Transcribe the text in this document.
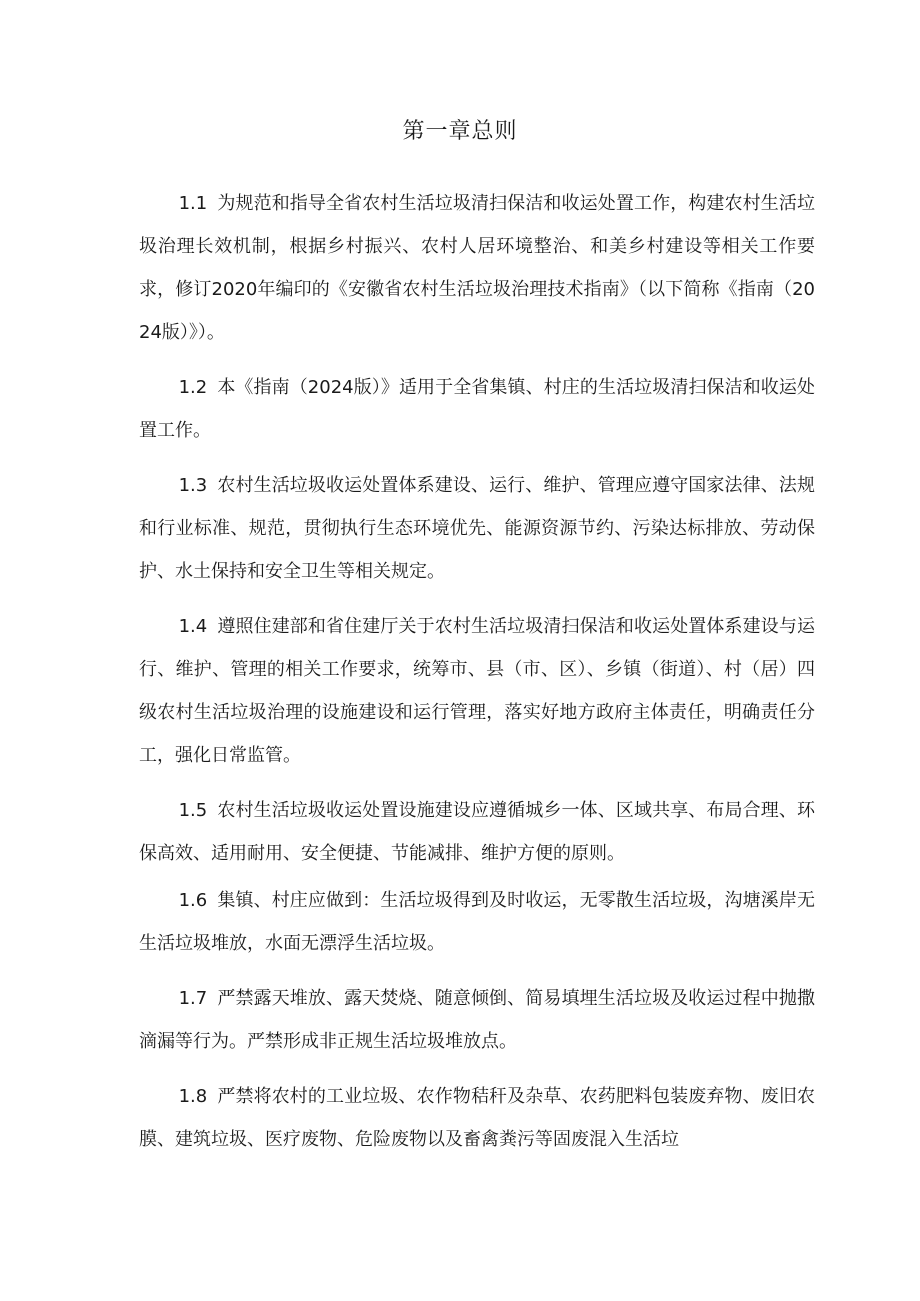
第一章总则

1.1 为规范和指导全省农村生活垃圾清扫保洁和收运处置工作，构建农村生活垃圾治理长效机制，根据乡村振兴、农村人居环境整治、和美乡村建设等相关工作要求，修订2020年编印的《安徽省农村生活垃圾治理技术指南》（以下简称《指南（2024版）》）。

1.2 本《指南（2024版）》适用于全省集镇、村庄的生活垃圾清扫保洁和收运处置工作。

1.3 农村生活垃圾收运处置体系建设、运行、维护、管理应遵守国家法律、法规和行业标准、规范，贯彻执行生态环境优先、能源资源节约、污染达标排放、劳动保护、水土保持和安全卫生等相关规定。

1.4 遵照住建部和省住建厅关于农村生活垃圾清扫保洁和收运处置体系建设与运行、维护、管理的相关工作要求，统筹市、县（市、区）、乡镇（街道）、村（居）四级农村生活垃圾治理的设施建设和运行管理，落实好地方政府主体责任，明确责任分工，强化日常监管。

1.5 农村生活垃圾收运处置设施建设应遵循城乡一体、区域共享、布局合理、环保高效、适用耐用、安全便捷、节能减排、维护方便的原则。

1.6 集镇、村庄应做到：生活垃圾得到及时收运，无零散生活垃圾，沟塘溪岸无生活垃圾堆放，水面无漂浮生活垃圾。

1.7 严禁露天堆放、露天焚烧、随意倾倒、简易填埋生活垃圾及收运过程中抛撒滴漏等行为。严禁形成非正规生活垃圾堆放点。

1.8 严禁将农村的工业垃圾、农作物秸秆及杂草、农药肥料包装废弃物、废旧农膜、建筑垃圾、医疗废物、危险废物以及畜禽粪污等固废混入生活垃
